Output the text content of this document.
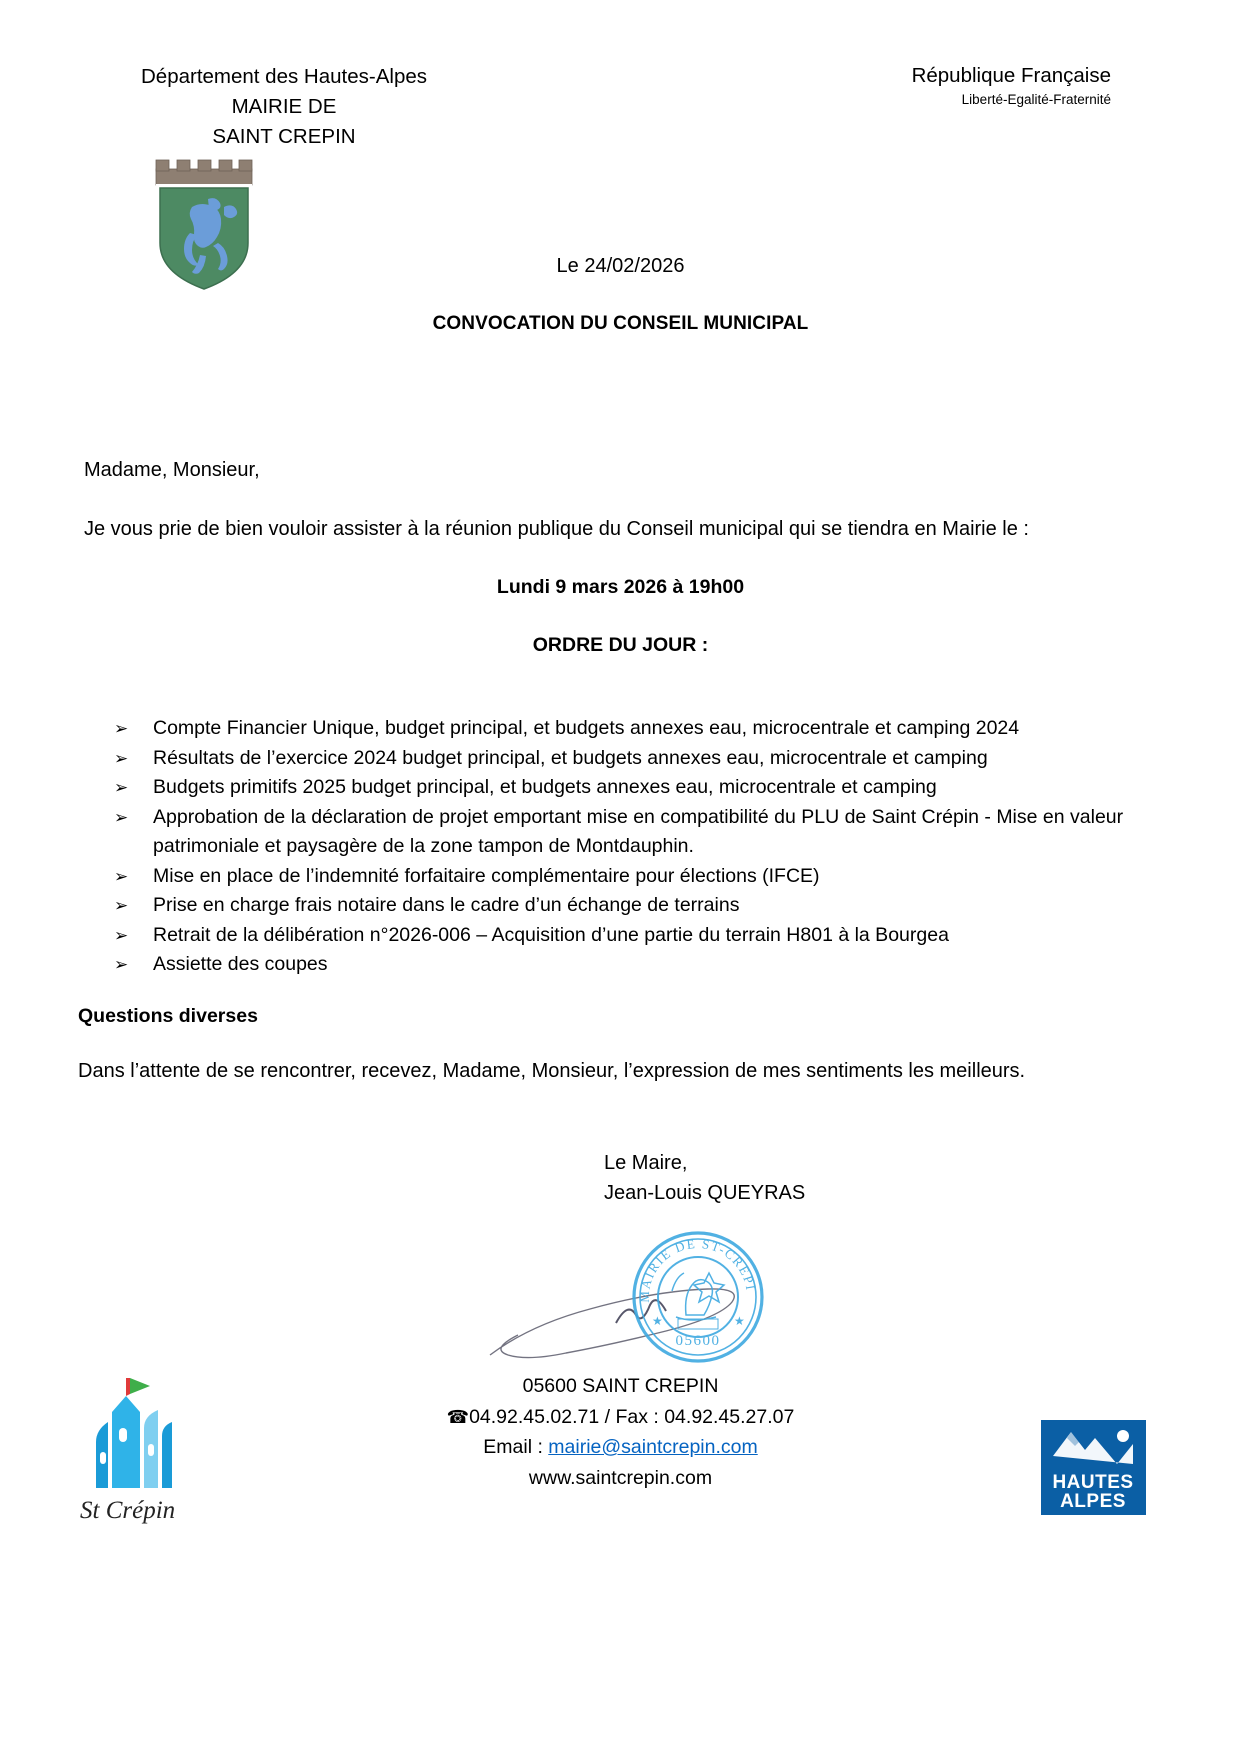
Département des Hautes-Alpes
MAIRIE DE
SAINT CREPIN
République Française
Liberté-Egalité-Fraternité
Le 24/02/2026
CONVOCATION DU CONSEIL MUNICIPAL
Madame, Monsieur,
Je vous prie de bien vouloir assister à la réunion publique du Conseil municipal qui se tiendra en Mairie le :
Lundi 9 mars 2026 à 19h00
ORDRE DU JOUR :
➢ Compte Financier Unique, budget principal, et budgets annexes eau, microcentrale et camping 2024
➢ Résultats de l’exercice 2024 budget principal, et budgets annexes eau, microcentrale et camping
➢ Budgets primitifs 2025 budget principal, et budgets annexes eau, microcentrale et camping
➢ Approbation de la déclaration de projet emportant mise en compatibilité du PLU de Saint Crépin - Mise en valeur patrimoniale et paysagère de la zone tampon de Montdauphin.
➢ Mise en place de l’indemnité forfaitaire complémentaire pour élections (IFCE)
➢ Prise en charge frais notaire dans le cadre d’un échange de terrains
➢ Retrait de la délibération n°2026-006 – Acquisition d’une partie du terrain H801 à la Bourgea
➢ Assiette des coupes
Questions diverses
Dans l’attente de se rencontrer, recevez, Madame, Monsieur, l’expression de mes sentiments les meilleurs.
Le Maire,
Jean-Louis QUEYRAS
MAIRIE DE ST-CREPIN
05600
★	★
St Crépin
05600 SAINT CREPIN
☎04.92.45.02.71 / Fax : 04.92.45.27.07
Email : mairie@saintcrepin.com
www.saintcrepin.com	HAUTES
ALPES
